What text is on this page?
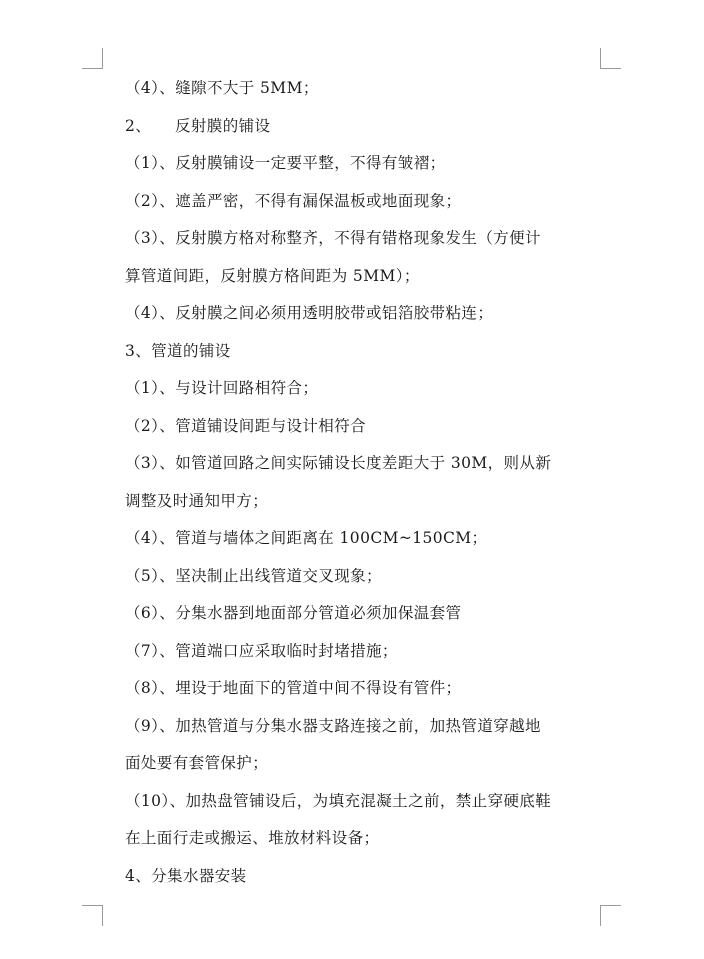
（4）、缝隙不大于 5MM；
2、 反射膜的铺设
（1）、反射膜铺设一定要平整，不得有皱褶；
（2）、遮盖严密，不得有漏保温板或地面现象；
（3）、反射膜方格对称整齐，不得有错格现象发生（方便计
算管道间距，反射膜方格间距为 5MM）；
（4）、反射膜之间必须用透明胶带或铝箔胶带粘连；
3、管道的铺设
（1）、与设计回路相符合；
（2）、管道铺设间距与设计相符合
（3）、如管道回路之间实际铺设长度差距大于 30M，则从新
调整及时通知甲方；
（4）、管道与墙体之间距离在 100CM~150CM；
（5）、坚决制止出线管道交叉现象；
（6）、分集水器到地面部分管道必须加保温套管
（7）、管道端口应采取临时封堵措施；
（8）、埋设于地面下的管道中间不得设有管件；
（9）、加热管道与分集水器支路连接之前，加热管道穿越地
面处要有套管保护；
（10）、加热盘管铺设后，为填充混凝土之前，禁止穿硬底鞋
在上面行走或搬运、堆放材料设备；
4、分集水器安装
